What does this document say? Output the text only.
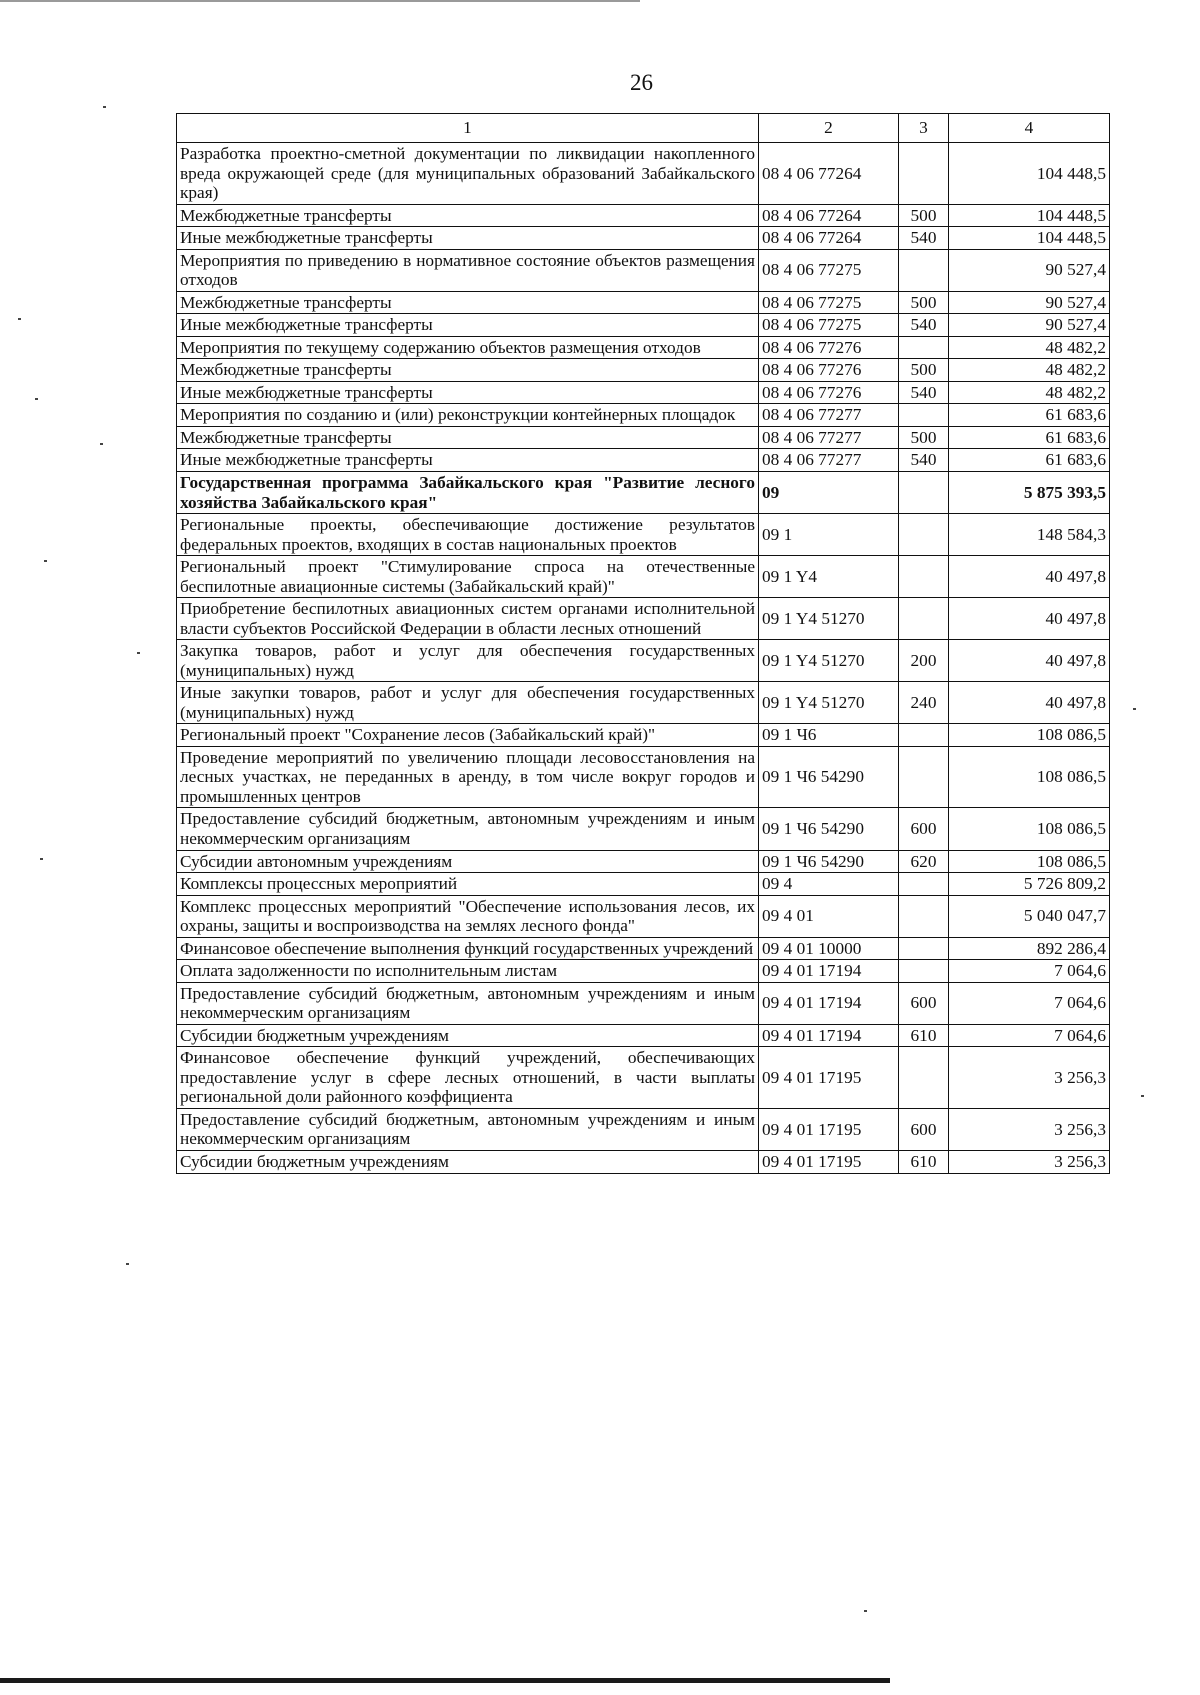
26
1	2	3	4
Разработка проектно-сметной документации по ликвидации накопленного вреда окружающей среде (для муниципальных образований Забайкальского края)	08 4 06 77264		104 448,5
Межбюджетные трансферты	08 4 06 77264	500	104 448,5
Иные межбюджетные трансферты	08 4 06 77264	540	104 448,5
Мероприятия по приведению в нормативное состояние объектов размещения отходов	08 4 06 77275		90 527,4
Межбюджетные трансферты	08 4 06 77275	500	90 527,4
Иные межбюджетные трансферты	08 4 06 77275	540	90 527,4
Мероприятия по текущему содержанию объектов размещения отходов	08 4 06 77276		48 482,2
Межбюджетные трансферты	08 4 06 77276	500	48 482,2
Иные межбюджетные трансферты	08 4 06 77276	540	48 482,2
Мероприятия по созданию и (или) реконструкции контейнерных площадок	08 4 06 77277		61 683,6
Межбюджетные трансферты	08 4 06 77277	500	61 683,6
Иные межбюджетные трансферты	08 4 06 77277	540	61 683,6
Государственная программа Забайкальского края "Развитие лесного хозяйства Забайкальского края"	09		5 875 393,5
Региональные проекты, обеспечивающие достижение результатов федеральных проектов, входящих в состав национальных проектов	09 1		148 584,3
Региональный проект "Стимулирование спроса на отечественные беспилотные авиационные системы (Забайкальский край)"	09 1 Y4		40 497,8
Приобретение беспилотных авиационных систем органами исполнительной власти субъектов Российской Федерации в области лесных отношений	09 1 Y4 51270		40 497,8
Закупка товаров, работ и услуг для обеспечения государственных (муниципальных) нужд	09 1 Y4 51270	200	40 497,8
Иные закупки товаров, работ и услуг для обеспечения государственных (муниципальных) нужд	09 1 Y4 51270	240	40 497,8
Региональный проект "Сохранение лесов (Забайкальский край)"	09 1 Ч6		108 086,5
Проведение мероприятий по увеличению площади лесовосстановления на лесных участках, не переданных в аренду, в том числе вокруг городов и промышленных центров	09 1 Ч6 54290		108 086,5
Предоставление субсидий бюджетным, автономным учреждениям и иным некоммерческим организациям	09 1 Ч6 54290	600	108 086,5
Субсидии автономным учреждениям	09 1 Ч6 54290	620	108 086,5
Комплексы процессных мероприятий	09 4		5 726 809,2
Комплекс процессных мероприятий "Обеспечение использования лесов, их охраны, защиты и воспроизводства на землях лесного фонда"	09 4 01		5 040 047,7
Финансовое обеспечение выполнения функций государственных учреждений	09 4 01 10000		892 286,4
Оплата задолженности по исполнительным листам	09 4 01 17194		7 064,6
Предоставление субсидий бюджетным, автономным учреждениям и иным некоммерческим организациям	09 4 01 17194	600	7 064,6
Субсидии бюджетным учреждениям	09 4 01 17194	610	7 064,6
Финансовое обеспечение функций учреждений, обеспечивающих предоставление услуг в сфере лесных отношений, в части выплаты региональной доли районного коэффициента	09 4 01 17195		3 256,3
Предоставление субсидий бюджетным, автономным учреждениям и иным некоммерческим организациям	09 4 01 17195	600	3 256,3
Субсидии бюджетным учреждениям	09 4 01 17195	610	3 256,3
